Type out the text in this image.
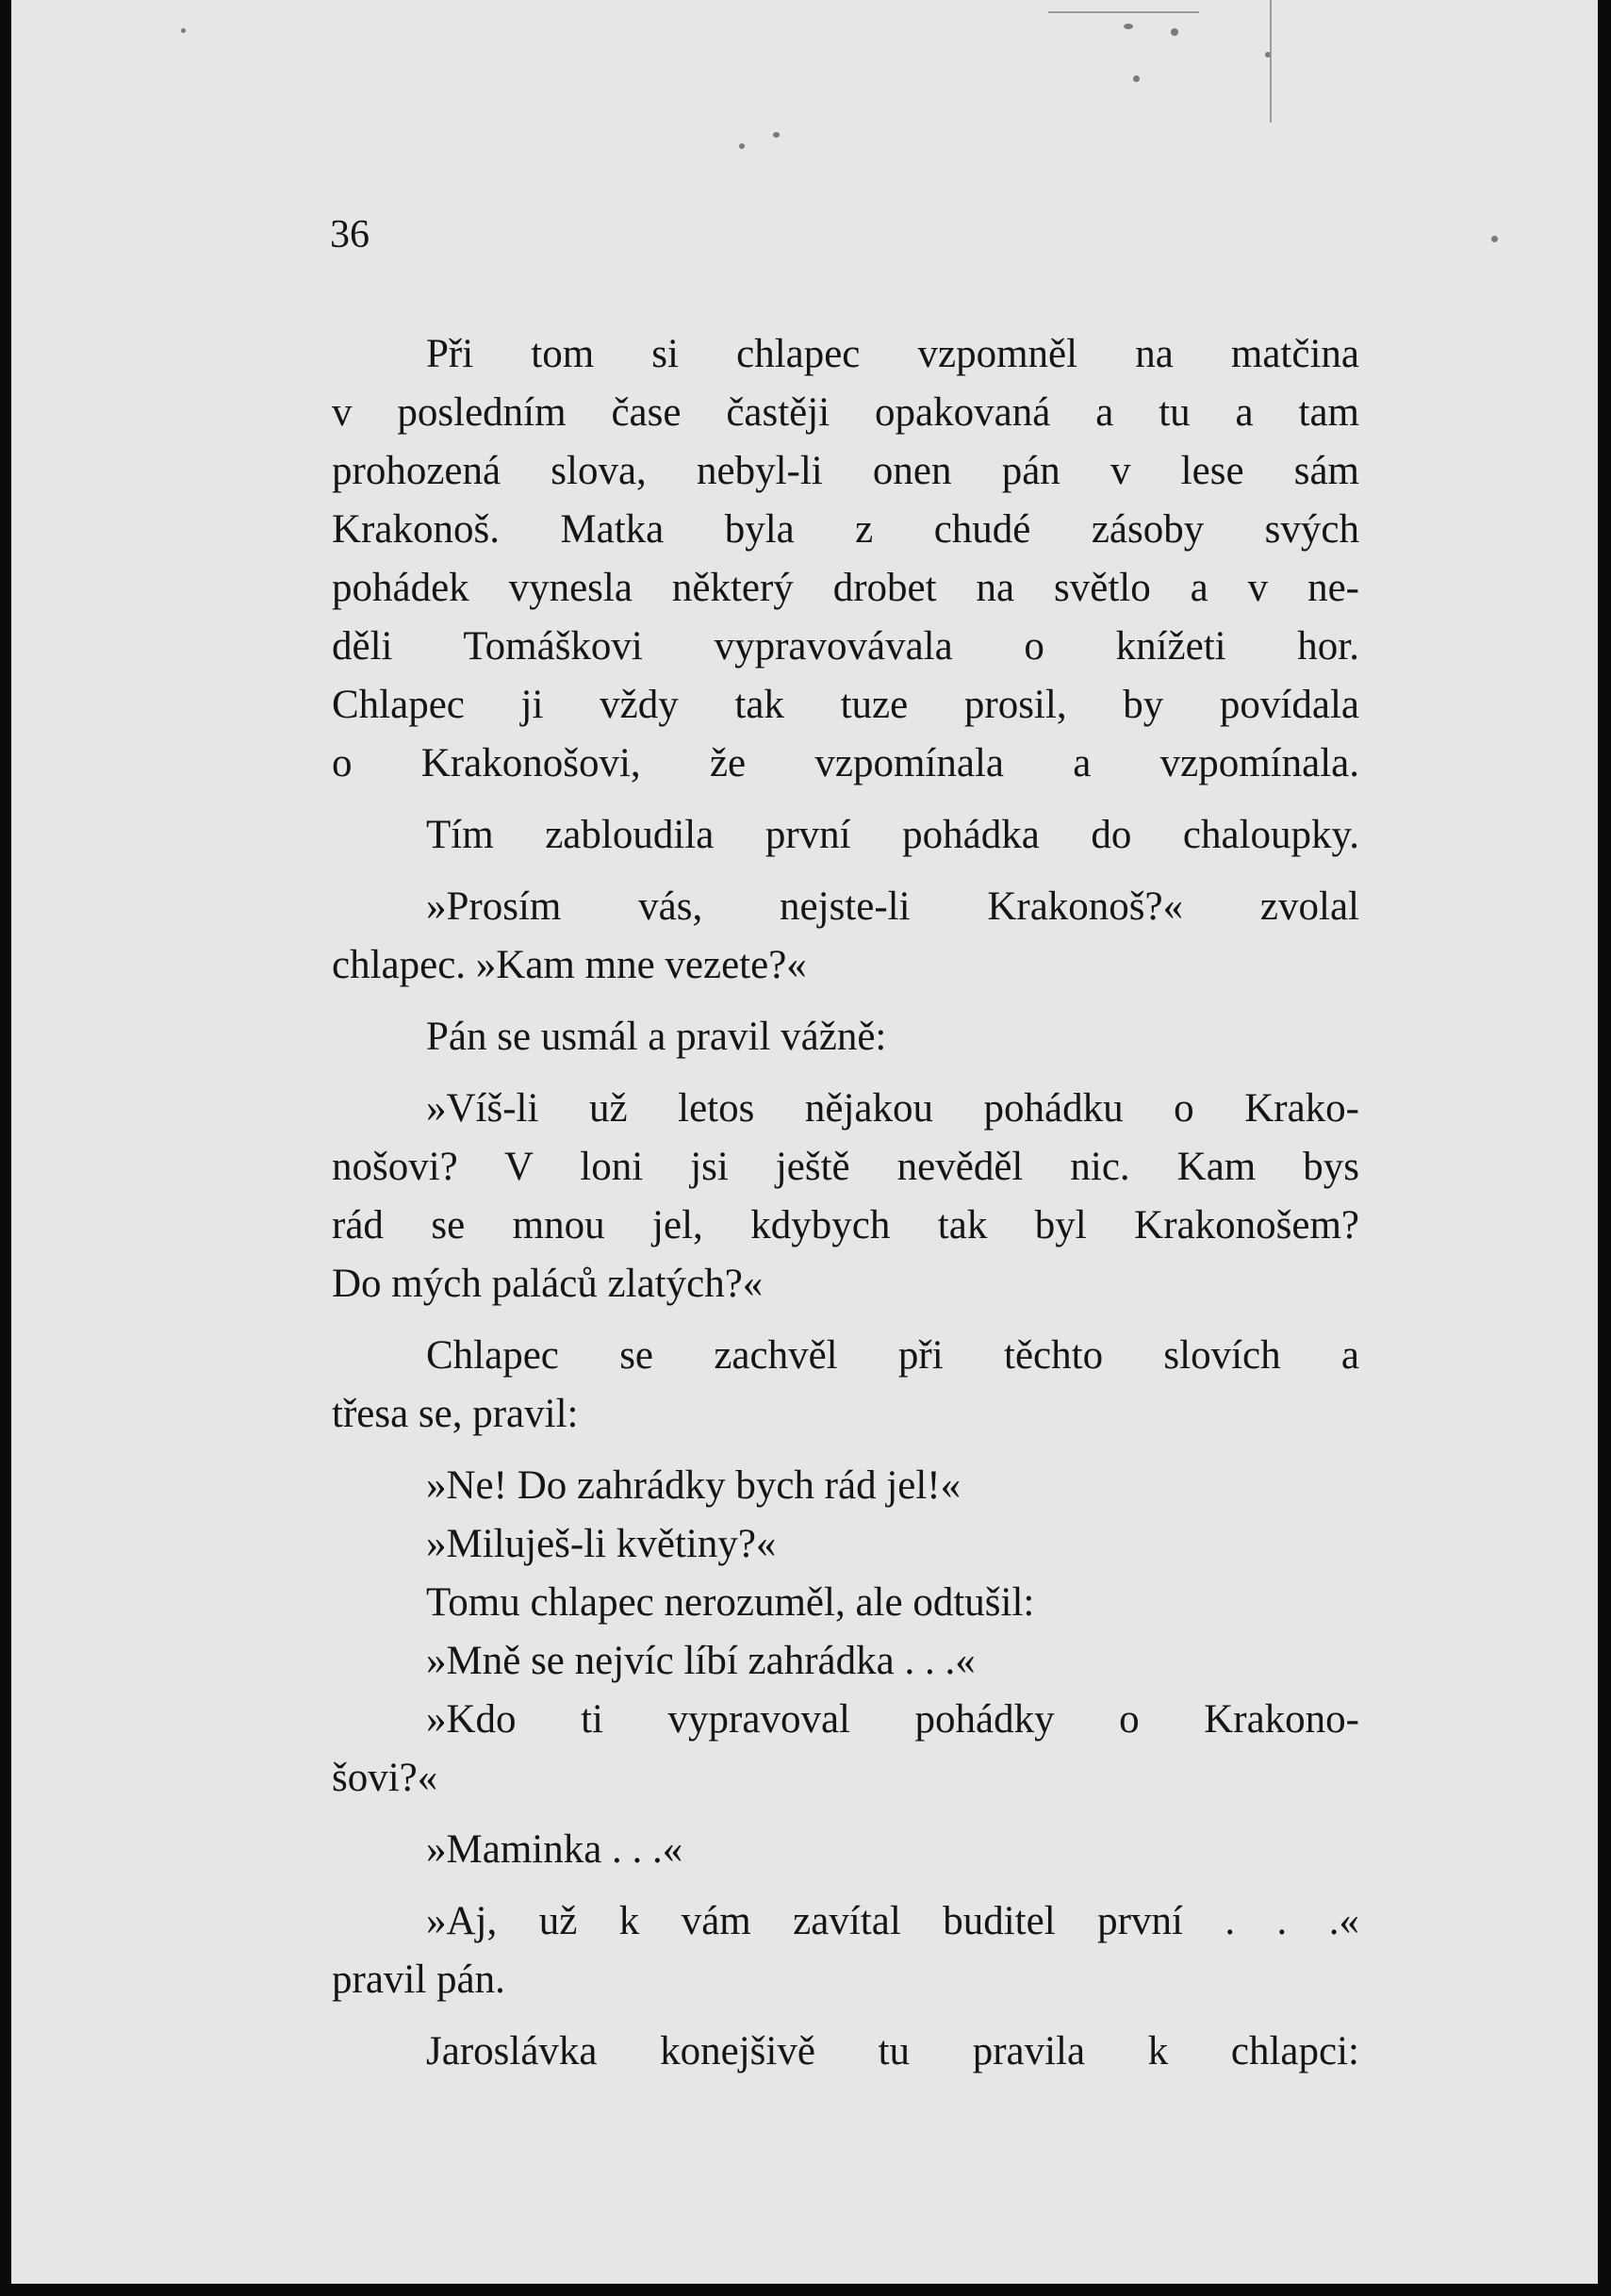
36

Při tom si chlapec vzpomněl na matčina
v posledním čase častěji opakovaná a tu a tam
prohozená slova, nebyl-li onen pán v lese sám
Krakonoš. Matka byla z chudé zásoby svých
pohádek vynesla některý drobet na světlo a v ne-
děli Tomáškovi vypravovávala o knížeti hor.
Chlapec ji vždy tak tuze prosil, by povídala
o Krakonošovi, že vzpomínala a vzpomínala.
Tím zabloudila první pohádka do chaloupky.
»Prosím vás, nejste-li Krakonoš?« zvolal
chlapec. »Kam mne vezete?«
Pán se usmál a pravil vážně:
»Víš-li už letos nějakou pohádku o Krako-
nošovi? V loni jsi ještě nevěděl nic. Kam bys
rád se mnou jel, kdybych tak byl Krakonošem?
Do mých paláců zlatých?«
Chlapec se zachvěl při těchto slovích a
třesa se, pravil:
»Ne! Do zahrádky bych rád jel!«
»Miluješ-li květiny?«
Tomu chlapec nerozuměl, ale odtušil:
»Mně se nejvíc líbí zahrádka . . .«
»Kdo ti vypravoval pohádky o Krakono-
šovi?«
»Maminka . . .«
»Aj, už k vám zavítal buditel první . . .«
pravil pán.
Jaroslávka konejšivě tu pravila k chlapci:
